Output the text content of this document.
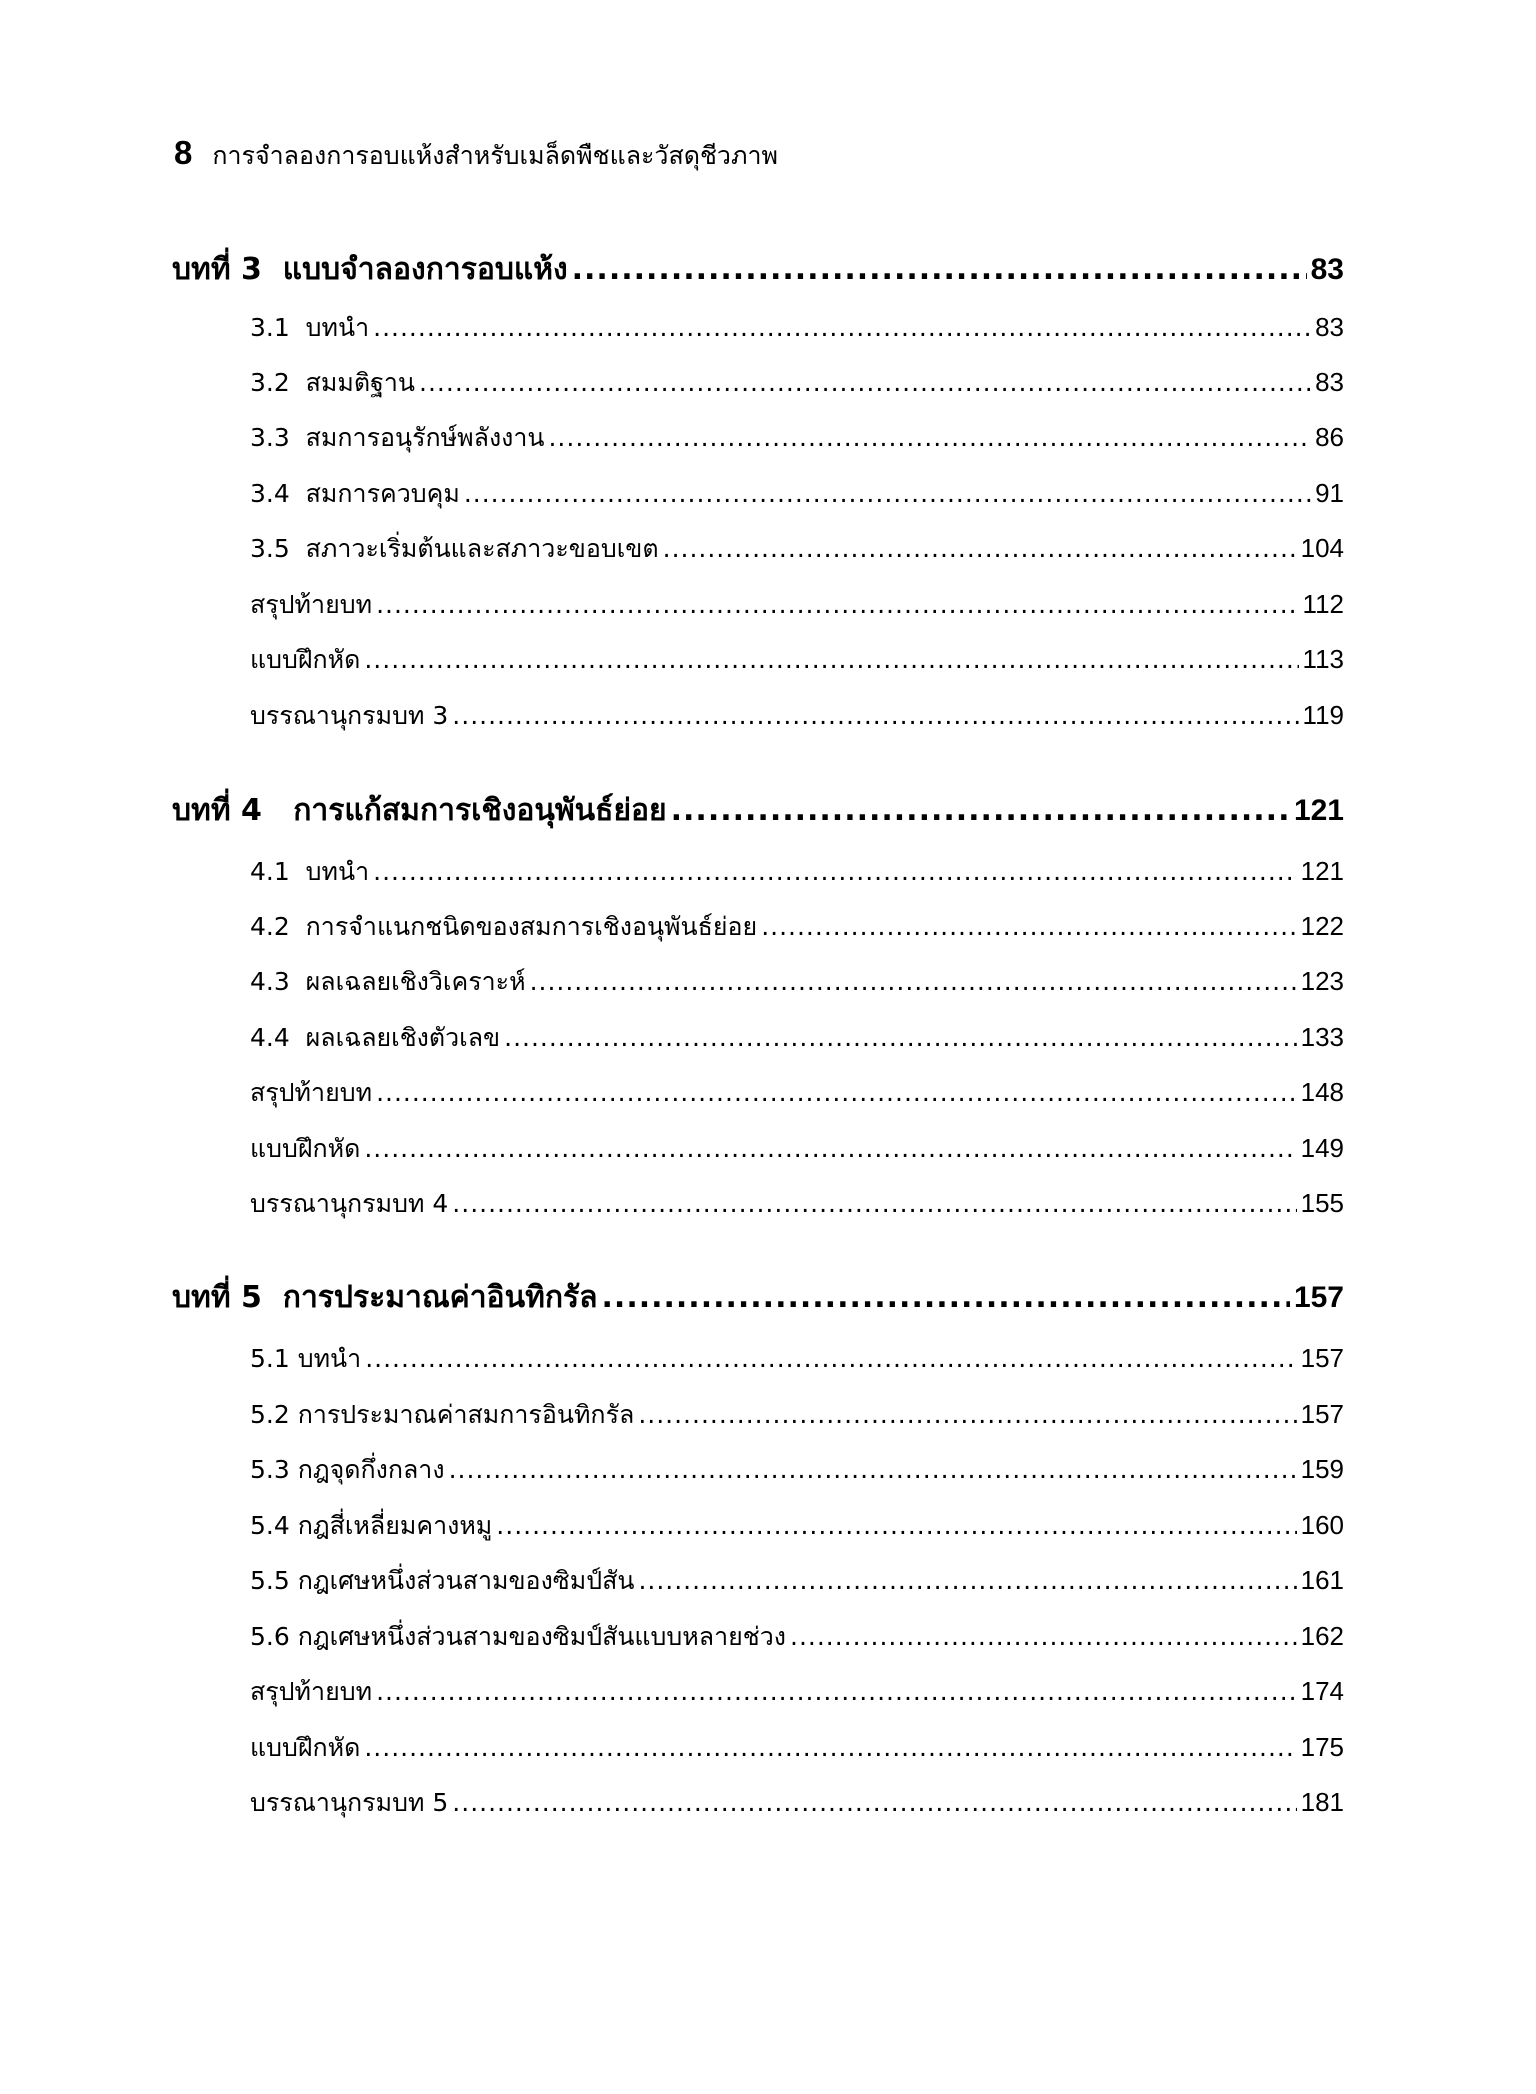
8 การจำลองการอบแห้งสำหรับเมล็ดพืชและวัสดุชีวภาพ
บทที่ 3  แบบจำลองการอบแห้ง .....	83
3.1  บทนำ .....	83
3.2  สมมติฐาน .....	83
3.3  สมการอนุรักษ์พลังงาน .....	86
3.4  สมการควบคุม .....	91
3.5  สภาวะเริ่มต้นและสภาวะขอบเขต .....	104
สรุปท้ายบท .....	112
แบบฝึกหัด .....	113
บรรณานุกรมบท 3 .....	119
บทที่ 4   การแก้สมการเชิงอนุพันธ์ย่อย .....	121
4.1  บทนำ .....	121
4.2  การจำแนกชนิดของสมการเชิงอนุพันธ์ย่อย .....	122
4.3  ผลเฉลยเชิงวิเคราะห์ .....	123
4.4  ผลเฉลยเชิงตัวเลข .....	133
สรุปท้ายบท .....	148
แบบฝึกหัด .....	149
บรรณานุกรมบท 4 .....	155
บทที่ 5  การประมาณค่าอินทิกรัล .....	157
5.1 บทนำ .....	157
5.2 การประมาณค่าสมการอินทิกรัล .....	157
5.3 กฎจุดกึ่งกลาง .....	159
5.4 กฎสี่เหลี่ยมคางหมู .....	160
5.5 กฎเศษหนึ่งส่วนสามของซิมป์สัน .....	161
5.6 กฎเศษหนึ่งส่วนสามของซิมป์สันแบบหลายช่วง .....	162
สรุปท้ายบท .....	174
แบบฝึกหัด .....	175
บรรณานุกรมบท 5 .....	181
